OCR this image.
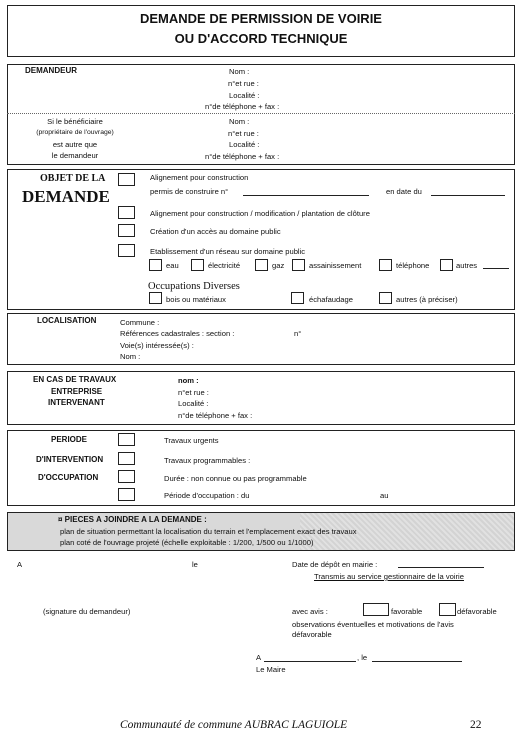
DEMANDE DE PERMISSION DE VOIRIE
OU D'ACCORD TECHNIQUE
DEMANDEUR	Nom :
n°et rue :
Localité :
n°de téléphone + fax :
Si le bénéficiaire
(propriétaire de l'ouvrage)
est autre que
le demandeur
Nom :
n°et rue :
Localité :
n°de téléphone + fax :
OBJET DE LA
DEMANDE
Alignement pour construction
permis de construire n°	en date du
Alignement pour construction / modification / plantation de clôture
Création d'un accès au domaine public
Etablissement d'un réseau sur domaine public
eau	électricité	gaz	assainissement	téléphone	autres
Occupations Diverses
bois ou matériaux	échafaudage	autres (à préciser)
LOCALISATION	Commune :
Références cadastrales : section :	n°
Voie(s) intéressée(s) :
Nom :
EN CAS DE TRAVAUX
ENTREPRISE
INTERVENANT
nom :
n°et rue :
Localité :
n°de téléphone + fax :
PERIODE
D'INTERVENTION
D'OCCUPATION
Travaux urgents
Travaux programmables :
Durée : non connue ou pas programmable
Période d'occupation : du	au
¤ PIECES A JOINDRE A LA DEMANDE :
plan de situation permettant la localisation du terrain et l'emplacement exact des travaux
plan coté de l'ouvrage projeté (échelle exploitable : 1/200, 1/500 ou 1/1000)
A	le	Date de dépôt en mairie :
Transmis au service gestionnaire de la voirie
(signature du demandeur)	avec avis :	favorable	défavorable
observations éventuelles et motivations de l'avis
défavorable
A	, le
Le Maire
Communauté de commune AUBRAC LAGUIOLE	22
